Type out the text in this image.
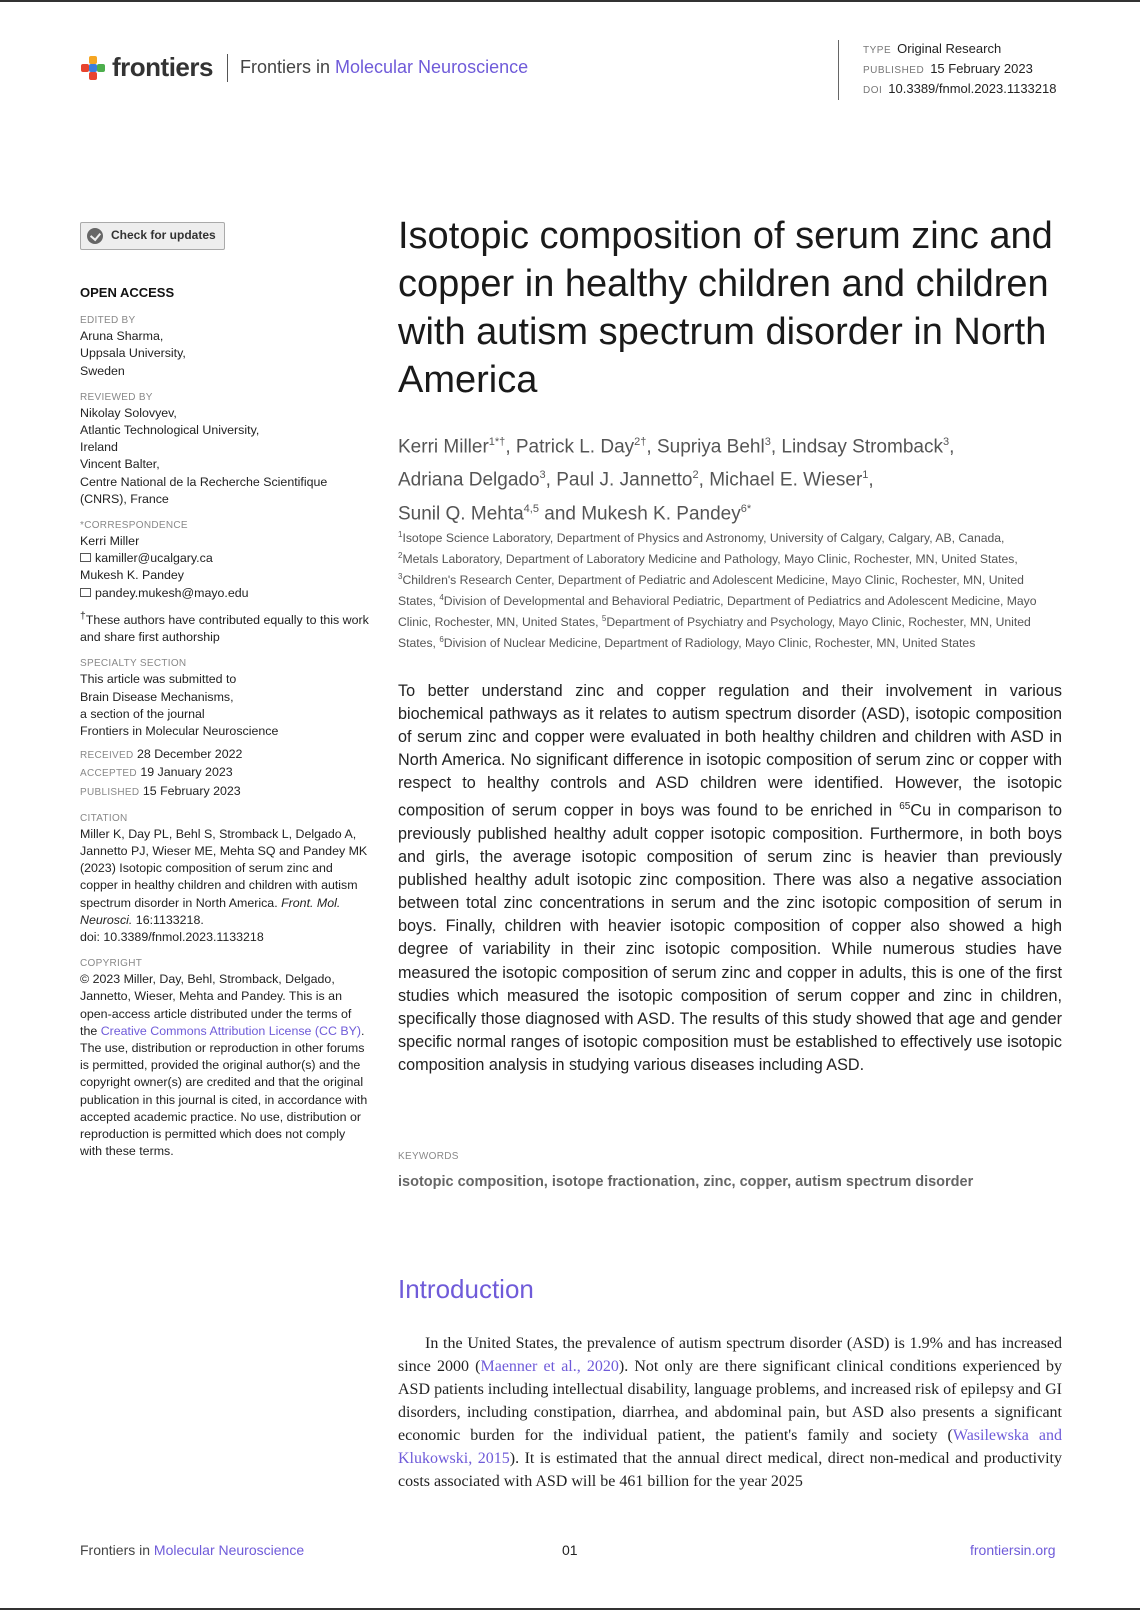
frontiers Frontiers in Molecular Neuroscience
TYPE Original Research
PUBLISHED 15 February 2023
DOI 10.3389/fnmol.2023.1133218
Check for updates
OPEN ACCESS
EDITED BY
Aruna Sharma,
Uppsala University,
Sweden
REVIEWED BY
Nikolay Solovyev,
Atlantic Technological University,
Ireland
Vincent Balter,
Centre National de la Recherche Scientifique
(CNRS), France
*CORRESPONDENCE
Kerri Miller
kamiller@ucalgary.ca
Mukesh K. Pandey
pandey.mukesh@mayo.edu
†These authors have contributed equally to this work and share first authorship
SPECIALTY SECTION
This article was submitted to
Brain Disease Mechanisms,
a section of the journal
Frontiers in Molecular Neuroscience
RECEIVED 28 December 2022
ACCEPTED 19 January 2023
PUBLISHED 15 February 2023
CITATION
Miller K, Day PL, Behl S, Stromback L, Delgado A, Jannetto PJ, Wieser ME, Mehta SQ and Pandey MK (2023) Isotopic composition of serum zinc and copper in healthy children and children with autism spectrum disorder in North America. Front. Mol. Neurosci. 16:1133218.
doi: 10.3389/fnmol.2023.1133218
COPYRIGHT
© 2023 Miller, Day, Behl, Stromback, Delgado, Jannetto, Wieser, Mehta and Pandey. This is an open-access article distributed under the terms of the Creative Commons Attribution License (CC BY). The use, distribution or reproduction in other forums is permitted, provided the original author(s) and the copyright owner(s) are credited and that the original publication in this journal is cited, in accordance with accepted academic practice. No use, distribution or reproduction is permitted which does not comply with these terms.
Isotopic composition of serum zinc and copper in healthy children and children with autism spectrum disorder in North America
Kerri Miller$^{1*\dagger}$, Patrick L. Day$^{2\dagger}$, Supriya Behl$^3$, Lindsay Stromback$^3$,
Adriana Delgado$^3$, Paul J. Jannetto$^2$, Michael E. Wieser$^1$,
Sunil Q. Mehta$^{4,5}$ and Mukesh K. Pandey$^{6*}$
$^1$Isotope Science Laboratory, Department of Physics and Astronomy, University of Calgary, Calgary, AB, Canada, $^2$Metals Laboratory, Department of Laboratory Medicine and Pathology, Mayo Clinic, Rochester, MN, United States, $^3$Children's Research Center, Department of Pediatric and Adolescent Medicine, Mayo Clinic, Rochester, MN, United States, $^4$Division of Developmental and Behavioral Pediatric, Department of Pediatrics and Adolescent Medicine, Mayo Clinic, Rochester, MN, United States, $^5$Department of Psychiatry and Psychology, Mayo Clinic, Rochester, MN, United States, $^6$Division of Nuclear Medicine, Department of Radiology, Mayo Clinic, Rochester, MN, United States
To better understand zinc and copper regulation and their involvement in various biochemical pathways as it relates to autism spectrum disorder (ASD), isotopic composition of serum zinc and copper were evaluated in both healthy children and children with ASD in North America. No significant difference in isotopic composition of serum zinc or copper with respect to healthy controls and ASD children were identified. However, the isotopic composition of serum copper in boys was found to be enriched in $^{65}$Cu in comparison to previously published healthy adult copper isotopic composition. Furthermore, in both boys and girls, the average isotopic composition of serum zinc is heavier than previously published healthy adult isotopic zinc composition. There was also a negative association between total zinc concentrations in serum and the zinc isotopic composition of serum in boys. Finally, children with heavier isotopic composition of copper also showed a high degree of variability in their zinc isotopic composition. While numerous studies have measured the isotopic composition of serum zinc and copper in adults, this is one of the first studies which measured the isotopic composition of serum copper and zinc in children, specifically those diagnosed with ASD. The results of this study showed that age and gender specific normal ranges of isotopic composition must be established to effectively use isotopic composition analysis in studying various diseases including ASD.
KEYWORDS
isotopic composition, isotope fractionation, zinc, copper, autism spectrum disorder
Introduction

In the United States, the prevalence of autism spectrum disorder (ASD) is 1.9% and has increased since 2000 (Maenner et al., 2020). Not only are there significant clinical conditions experienced by ASD patients including intellectual disability, language problems, and increased risk of epilepsy and GI disorders, including constipation, diarrhea, and abdominal pain, but ASD also presents a significant economic burden for the individual patient, the patient's family and society (Wasilewska and Klukowski, 2015). It is estimated that the annual direct medical, direct non-medical and productivity costs associated with ASD will be 461 billion for the year 2025

Frontiers in Molecular Neuroscience	01	frontiersin.org
